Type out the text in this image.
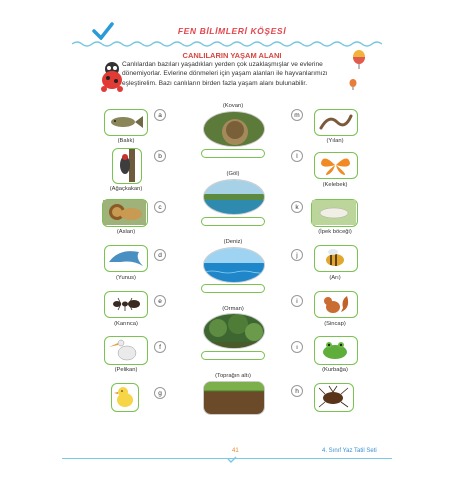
FEN BİLİMLERİ KÖŞESİ
CANLILARIN YAŞAM ALANI
Canlılardan bazıları yaşadıkları yerden çok uzaklaşmışlar ve evlerine dönemiyorlar. Evlerine dönmeleri için yaşam alanları ile hayvanlarımızı eşleştirelim. Bazı canlıların birden fazla yaşam alanı bulunabilir.
(Balık)
a
(Ağaçkakan)
b
(Aslan)
c
(Yunus)
d
(Karınca)
e
(Pelikan)
f
g
(Kovan)
(Göl)
(Deniz)
(Orman)
(Toprağın altı)
m
(Yılan)
l
(Kelebek)
k
(İpek böceği)
j
(Arı)
i
(Sincap)
ı
(Kurbağa)
h
41	4. Sınıf Yaz Tatil Seti
